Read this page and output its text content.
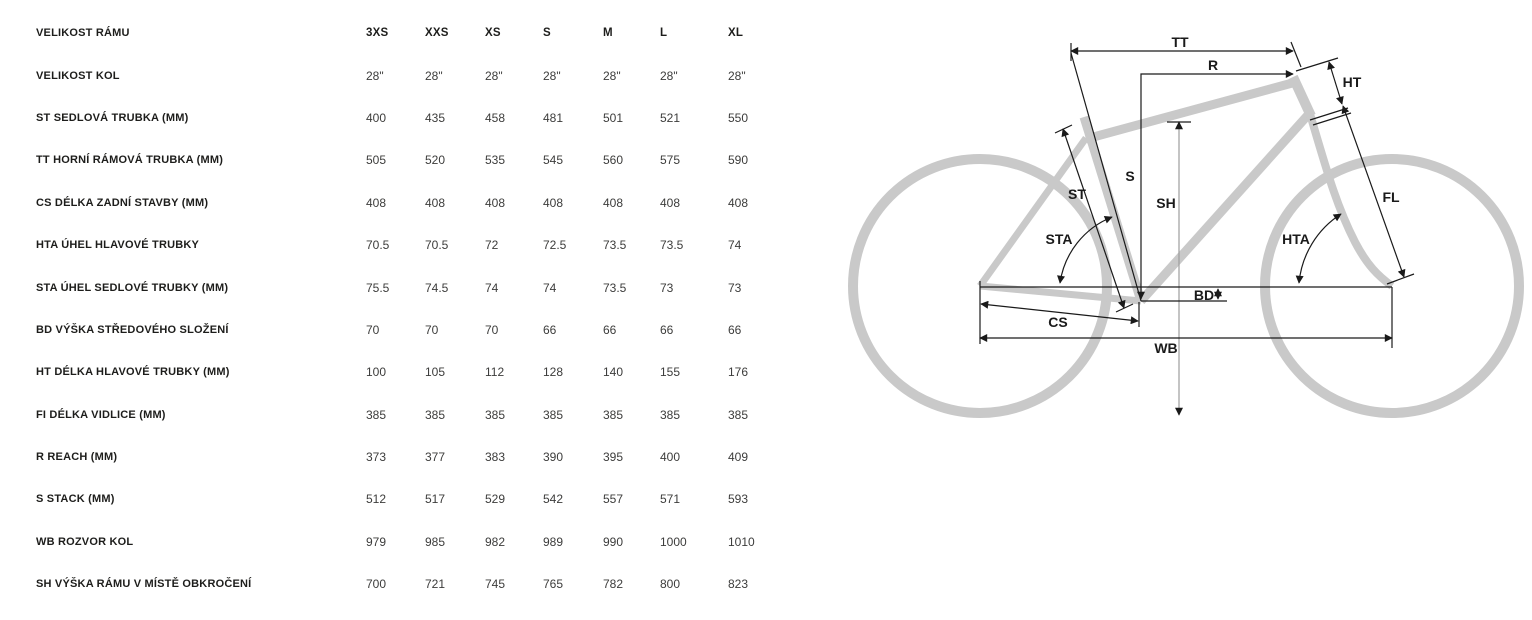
VELIKOST RÁMU	3XS	XXS	XS	S	M	L	XL
VELIKOST KOL	28"	28"	28"	28"	28"	28"	28"
ST SEDLOVÁ TRUBKA (MM)	400	435	458	481	501	521	550
TT HORNÍ RÁMOVÁ TRUBKA (MM)	505	520	535	545	560	575	590
CS DÉLKA ZADNÍ STAVBY (MM)	408	408	408	408	408	408	408
HTA ÚHEL HLAVOVÉ TRUBKY	70.5	70.5	72	72.5	73.5	73.5	74
STA ÚHEL SEDLOVÉ TRUBKY (MM)	75.5	74.5	74	74	73.5	73	73
BD VÝŠKA STŘEDOVÉHO SLOŽENÍ	70	70	70	66	66	66	66
HT DÉLKA HLAVOVÉ TRUBKY (MM)	100	105	112	128	140	155	176
FI DÉLKA VIDLICE (MM)	385	385	385	385	385	385	385
R REACH (MM)	373	377	383	390	395	400	409
S STACK (MM)	512	517	529	542	557	571	593
WB ROZVOR KOL	979	985	982	989	990	1000	1010
SH VÝŠKA RÁMU V MÍSTĚ OBKROČENÍ	700	721	745	765	782	800	823
TT
R
HT
ST
S
SH
STA	HTA
BD
CS
WB
FL
